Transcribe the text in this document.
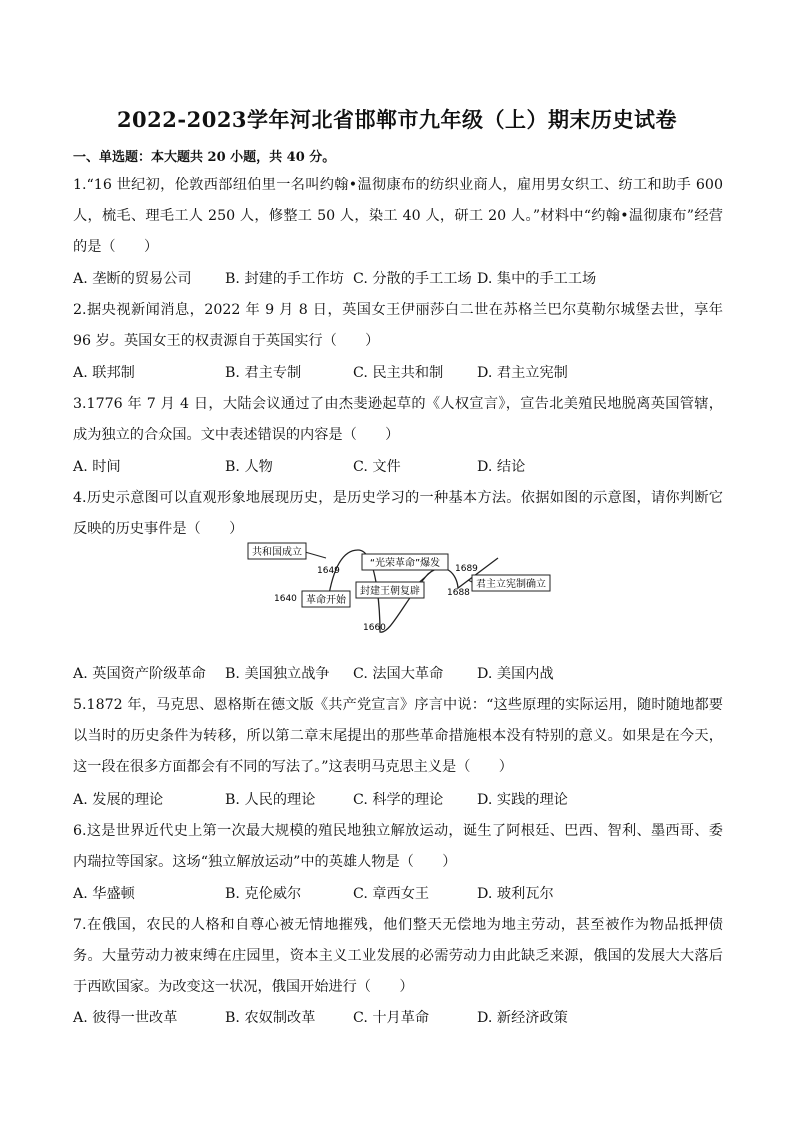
2022-2023学年河北省邯郸市九年级（上）期末历史试卷
一、单选题：本大题共 20 小题，共 40 分。
1.“16 世纪初，伦敦西部纽伯里一名叫约翰•温彻康布的纺织业商人，雇用男女织工、纺工和助手 600 人，梳毛、理毛工人 250 人，修整工 50 人，染工 40 人，研工 20 人。”材料中“约翰•温彻康布”经营的是（　　）
A. 垄断的贸易公司 B. 封建的手工作坊 C. 分散的手工工场 D. 集中的手工工场
2.据央视新闻消息，2022 年 9 月 8 日，英国女王伊丽莎白二世在苏格兰巴尔莫勒尔城堡去世，享年 96 岁。英国女王的权责源自于英国实行（　　）
A. 联邦制	B. 君主专制	C. 民主共和制 D. 君主立宪制
3.1776 年 7 月 4 日，大陆会议通过了由杰斐逊起草的《人权宣言》，宣告北美殖民地脱离英国管辖，成为独立的合众国。文中表述错误的内容是（　　）
A. 时间	B. 人物	C. 文件	D. 结论
4.历史示意图可以直观形象地展现历史，是历史学习的一种基本方法。依据如图的示意图，请你判断它反映的历史事件是（　　）
共和国成立
革命开始
封建王朝复辟
“光荣革命”爆发
君主立宪制确立
1640
1649
1660
1688
1689
A. 英国资产阶级革命 B. 美国独立战争 C. 法国大革命 D. 美国内战
5.1872 年，马克思、恩格斯在德文版《共产党宣言》序言中说：“这些原理的实际运用，随时随地都要以当时的历史条件为转移，所以第二章末尾提出的那些革命措施根本没有特别的意义。如果是在今天，这一段在很多方面都会有不同的写法了。”这表明马克思主义是（　　）
A. 发展的理论	B. 人民的理论	C. 科学的理论 D. 实践的理论
6.这是世界近代史上第一次最大规模的殖民地独立解放运动，诞生了阿根廷、巴西、智利、墨西哥、委内瑞拉等国家。这场“独立解放运动”中的英雄人物是（　　）
A. 华盛顿	B. 克伦威尔	C. 章西女王	D. 玻利瓦尔
7.在俄国，农民的人格和自尊心被无情地摧残，他们整天无偿地为地主劳动，甚至被作为物品抵押债务。大量劳动力被束缚在庄园里，资本主义工业发展的必需劳动力由此缺乏来源，俄国的发展大大落后于西欧国家。为改变这一状况，俄国开始进行（　　）
A. 彼得一世改革	B. 农奴制改革	C. 十月革命	D. 新经济政策
